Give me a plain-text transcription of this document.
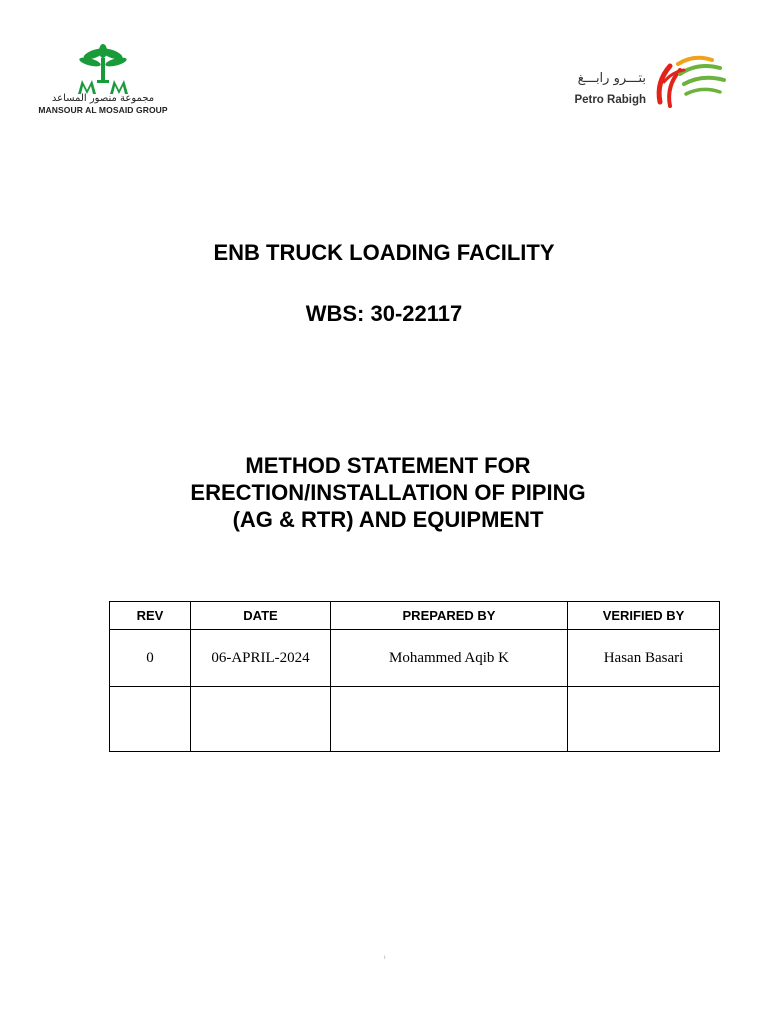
مجموعة منصور المساعد
MANSOUR AL MOSAID GROUP
بتـــرو رابـــغ
Petro Rabigh
ENB TRUCK LOADING FACILITY
WBS: 30-22117
METHOD STATEMENT FOR
ERECTION/INSTALLATION OF PIPING
(AG & RTR) AND EQUIPMENT
REV	DATE	PREPARED BY	VERIFIED BY
0	06-APRIL-2024	Mohammed Aqib K	Hasan Basari

ı
